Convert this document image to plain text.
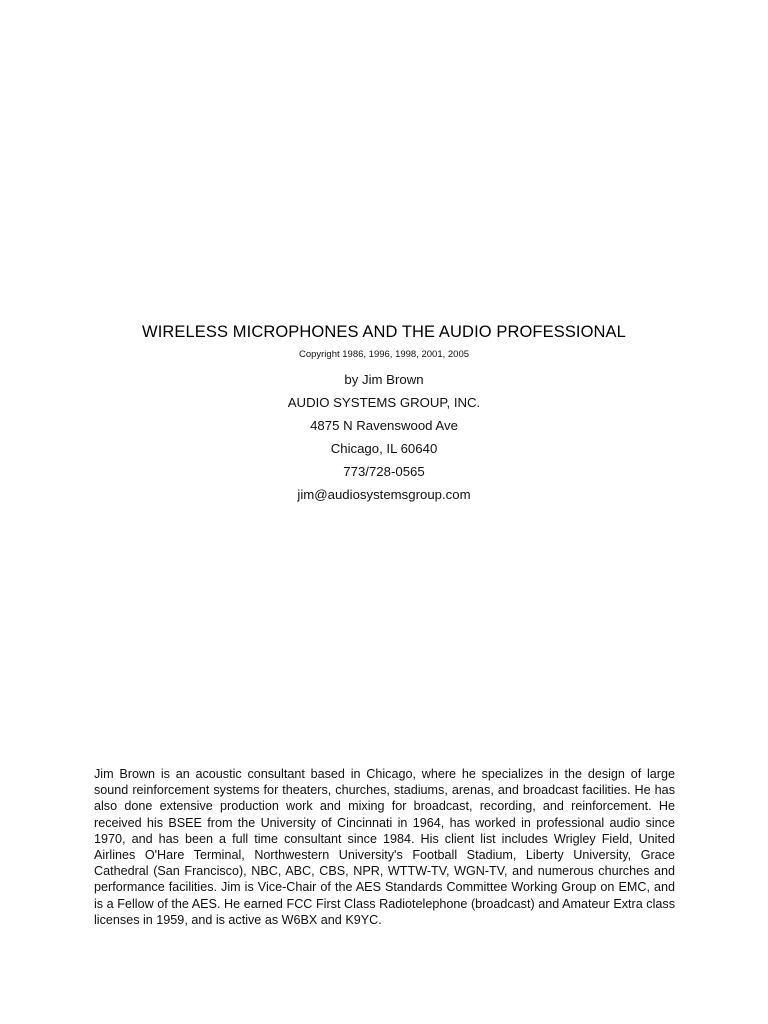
WIRELESS MICROPHONES AND THE AUDIO PROFESSIONAL
Copyright 1986, 1996, 1998, 2001, 2005
by Jim Brown
AUDIO SYSTEMS GROUP, INC.
4875 N Ravenswood Ave
Chicago, IL 60640
773/728-0565
jim@audiosystemsgroup.com

Jim Brown is an acoustic consultant based in Chicago, where he specializes in the design of large sound reinforcement systems for theaters, churches, stadiums, arenas, and broadcast facilities. He has also done extensive production work and mixing for broadcast, recording, and reinforcement. He received his BSEE from the University of Cincinnati in 1964, has worked in professional audio since 1970, and has been a full time consultant since 1984. His client list includes Wrigley Field, United Airlines O'Hare Terminal, Northwestern University's Football Stadium, Liberty University, Grace Cathedral (San Francisco), NBC, ABC, CBS, NPR, WTTW-TV, WGN-TV, and numerous churches and performance facilities. Jim is Vice-Chair of the AES Standards Committee Working Group on EMC, and is a Fellow of the AES. He earned FCC First Class Radiotelephone (broadcast) and Amateur Extra class licenses in 1959, and is active as W6BX and K9YC.
